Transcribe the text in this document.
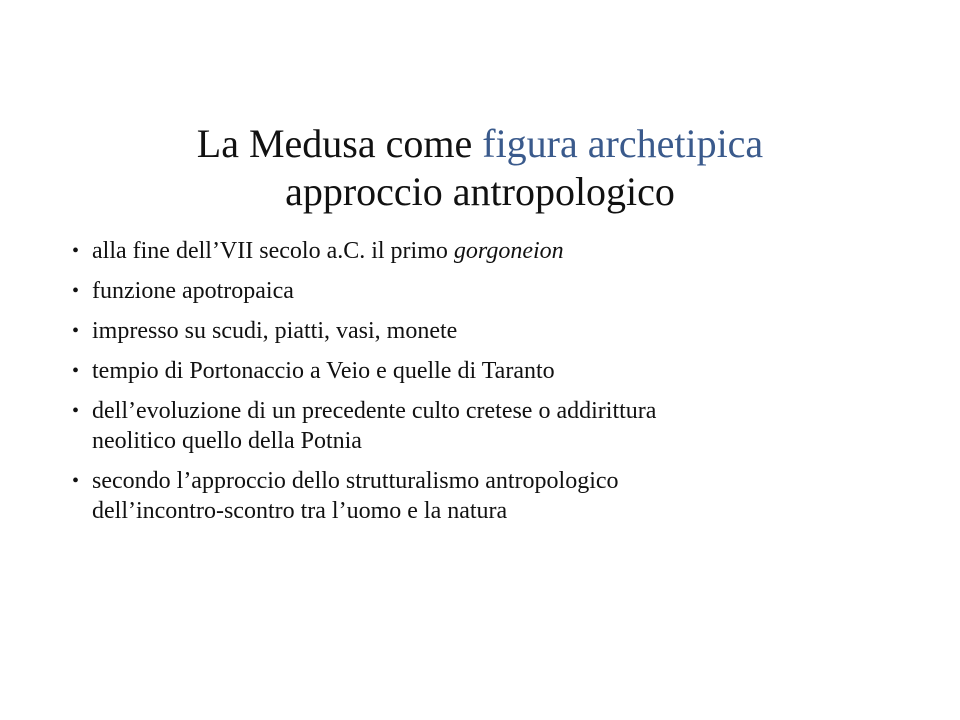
La Medusa come figura archetipica
approccio antropologico
• alla fine dell’VII secolo a.C. il primo gorgoneion
• funzione apotropaica
• impresso su scudi, piatti, vasi, monete
• tempio di Portonaccio a Veio e quelle di Taranto
• dell’evoluzione di un precedente culto cretese o addirittura
neolitico quello della Potnia
• secondo l’approccio dello strutturalismo antropologico
dell’incontro-scontro tra l’uomo e la natura
